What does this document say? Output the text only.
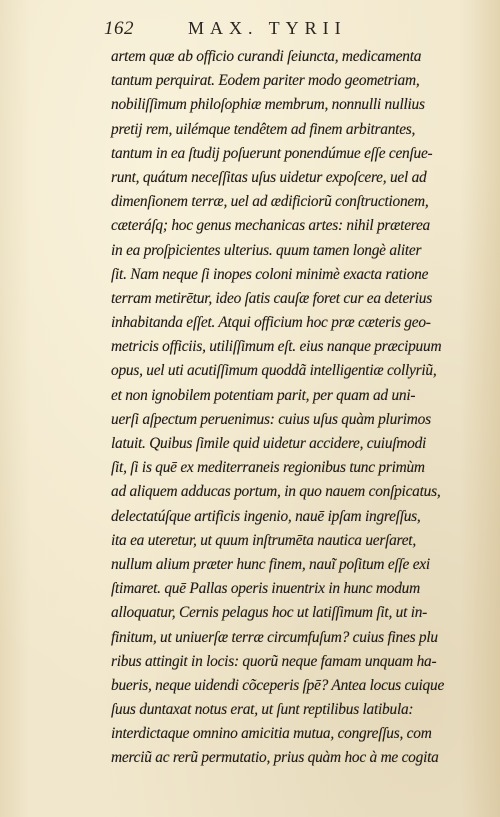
162	MAX. TYRII
artem quæ ab officio curandi ſeiuncta, medicamenta
tantum perquirat. Eodem pariter modo geometriam,
nobiliſſimum philoſophiæ membrum, nonnulli nullius
pretij rem, uilémque tendêtem ad finem arbitrantes,
tantum in ea ſtudij poſuerunt ponendúmue eſſe cenſue-
runt, quátum neceſſitas uſus uidetur expoſcere, uel ad
dimenſionem terræ, uel ad ædificiorũ conſtructionem,
cæteráſq; hoc genus mechanicas artes: nihil præterea
in ea proſpicientes ulterius. quum tamen longè aliter
ſit. Nam neque ſi inopes coloni minimè exacta ratione
terram metirētur, ideo ſatis cauſæ foret cur ea deterius
inhabitanda eſſet. Atqui officium hoc præ cæteris geo-
metricis officiis, utiliſſimum eſt. eius nanque præcipuum
opus, uel uti acutiſſimum quoddã intelligentiæ collyriũ,
et non ignobilem potentiam parit, per quam ad uni-
uerſi aſpectum peruenimus: cuius uſus quàm plurimos
latuit. Quibus ſimile quid uidetur accidere, cuiuſmodi
ſit, ſi is quē ex mediterraneis regionibus tunc primùm
ad aliquem adducas portum, in quo nauem conſpicatus,
delectatúſque artificis ingenio, nauē ipſam ingreſſus,
ita ea uteretur, ut quum inſtrumēta nautica uerſaret,
nullum alium præter hunc finem, nauĩ poſitum eſſe exi
ſtimaret. quē Pallas operis inuentrix in hunc modum
alloquatur, Cernis pelagus hoc ut latiſſimum ſit, ut in-
finitum, ut uniuerſæ terræ circumfuſum? cuius fines plu
ribus attingit in locis: quorũ neque famam unquam ha-
bueris, neque uidendi cõceperis ſpē? Antea locus cuique
ſuus duntaxat notus erat, ut ſunt reptilibus latibula:
interdictaque omnino amicitia mutua, congreſſus, com
merciũ ac rerũ permutatio, prius quàm hoc à me cogita
